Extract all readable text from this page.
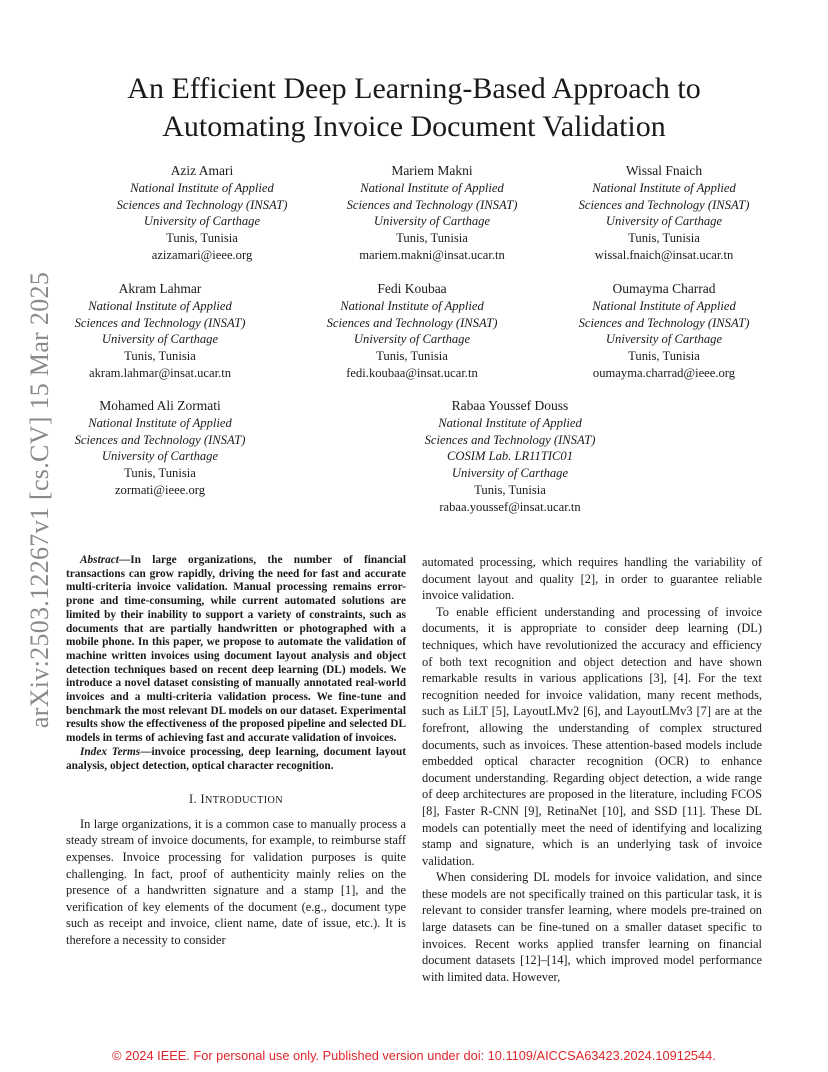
arXiv:2503.12267v1 [cs.CV] 15 Mar 2025
An Efficient Deep Learning-Based Approach to
Automating Invoice Document Validation
Aziz Amari
National Institute of Applied
Sciences and Technology (INSAT)
University of Carthage
Tunis, Tunisia
azizamari@ieee.org
Mariem Makni
National Institute of Applied
Sciences and Technology (INSAT)
University of Carthage
Tunis, Tunisia
mariem.makni@insat.ucar.tn
Wissal Fnaich
National Institute of Applied
Sciences and Technology (INSAT)
University of Carthage
Tunis, Tunisia
wissal.fnaich@insat.ucar.tn
Akram Lahmar
National Institute of Applied
Sciences and Technology (INSAT)
University of Carthage
Tunis, Tunisia
akram.lahmar@insat.ucar.tn
Fedi Koubaa
National Institute of Applied
Sciences and Technology (INSAT)
University of Carthage
Tunis, Tunisia
fedi.koubaa@insat.ucar.tn
Oumayma Charrad
National Institute of Applied
Sciences and Technology (INSAT)
University of Carthage
Tunis, Tunisia
oumayma.charrad@ieee.org
Mohamed Ali Zormati
National Institute of Applied
Sciences and Technology (INSAT)
University of Carthage
Tunis, Tunisia
zormati@ieee.org
Rabaa Youssef Douss
National Institute of Applied
Sciences and Technology (INSAT)
COSIM Lab. LR11TIC01
University of Carthage
Tunis, Tunisia
rabaa.youssef@insat.ucar.tn

Abstract—In large organizations, the number of financial transactions can grow rapidly, driving the need for fast and accurate multi-criteria invoice validation. Manual processing remains error-prone and time-consuming, while current automated solutions are limited by their inability to support a variety of constraints, such as documents that are partially handwritten or photographed with a mobile phone. In this paper, we propose to automate the validation of machine written invoices using document layout analysis and object detection techniques based on recent deep learning (DL) models. We introduce a novel dataset consisting of manually annotated real-world invoices and a multi-criteria validation process. We fine-tune and benchmark the most relevant DL models on our dataset. Experimental results show the effectiveness of the proposed pipeline and selected DL models in terms of achieving fast and accurate validation of invoices.

Index Terms—invoice processing, deep learning, document layout analysis, object detection, optical character recognition.

I. INTRODUCTION

In large organizations, it is a common case to manually process a steady stream of invoice documents, for example, to reimburse staff expenses. Invoice processing for validation purposes is quite challenging. In fact, proof of authenticity mainly relies on the presence of a handwritten signature and a stamp [1], and the verification of key elements of the document (e.g., document type such as receipt and invoice, client name, date of issue, etc.). It is therefore a necessity to consider

automated processing, which requires handling the variability of document layout and quality [2], in order to guarantee reliable invoice validation.

To enable efficient understanding and processing of invoice documents, it is appropriate to consider deep learning (DL) techniques, which have revolutionized the accuracy and efficiency of both text recognition and object detection and have shown remarkable results in various applications [3], [4]. For the text recognition needed for invoice validation, many recent methods, such as LiLT [5], LayoutLMv2 [6], and LayoutLMv3 [7] are at the forefront, allowing the understanding of complex structured documents, such as invoices. These attention-based models include embedded optical character recognition (OCR) to enhance document understanding. Regarding object detection, a wide range of deep architectures are proposed in the literature, including FCOS [8], Faster R-CNN [9], RetinaNet [10], and SSD [11]. These DL models can potentially meet the need of identifying and localizing stamp and signature, which is an underlying task of invoice validation.

When considering DL models for invoice validation, and since these models are not specifically trained on this particular task, it is relevant to consider transfer learning, where models pre-trained on large datasets can be fine-tuned on a smaller dataset specific to invoices. Recent works applied transfer learning on financial document datasets [12]–[14], which improved model performance with limited data. However,

© 2024 IEEE. For personal use only. Published version under doi: 10.1109/AICCSA63423.2024.10912544.
